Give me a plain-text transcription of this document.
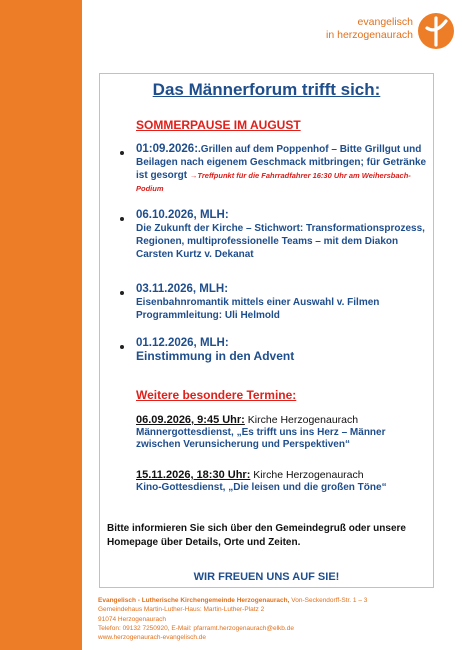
evangelisch
in herzogenaurach
Das Männerforum trifft sich:
SOMMERPAUSE IM AUGUST
01:09.2026:.Grillen auf dem Poppenhof – Bitte Grillgut und Beilagen nach eigenem Geschmack mitbringen; für Getränke ist gesorgt →Treffpunkt für die Fahrradfahrer 16:30 Uhr am Weihersbach-Podium
06.10.2026, MLH:
Die Zukunft der Kirche – Stichwort: Transformationsprozess, Regionen, multiprofessionelle Teams – mit dem Diakon Carsten Kurtz v. Dekanat
03.11.2026, MLH:
Eisenbahnromantik mittels einer Auswahl v. Filmen Programmleitung: Uli Helmold
01.12.2026, MLH:
Einstimmung in den Advent
Weitere besondere Termine:
06.09.2026, 9:45 Uhr: Kirche Herzogenaurach
Männergottesdienst, „Es trifft uns ins Herz – Männer zwischen Verunsicherung und Perspektiven“
15.11.2026, 18:30 Uhr: Kirche Herzogenaurach
Kino-Gottesdienst, „Die leisen und die großen Töne“
Bitte informieren Sie sich über den Gemeindegruß oder unsere Homepage über Details, Orte und Zeiten.
WIR FREUEN UNS AUF SIE!
Evangelisch - Lutherische Kirchengemeinde Herzogenaurach, Von-Seckendorff-Str. 1 – 3
Gemeindehaus Martin-Luther-Haus: Martin-Luther-Platz 2
91074 Herzogenaurach
Telefon: 09132 7250920, E-Mail: pfarramt.herzogenaurach@elkb.de
www.herzogenaurach-evangelisch.de
